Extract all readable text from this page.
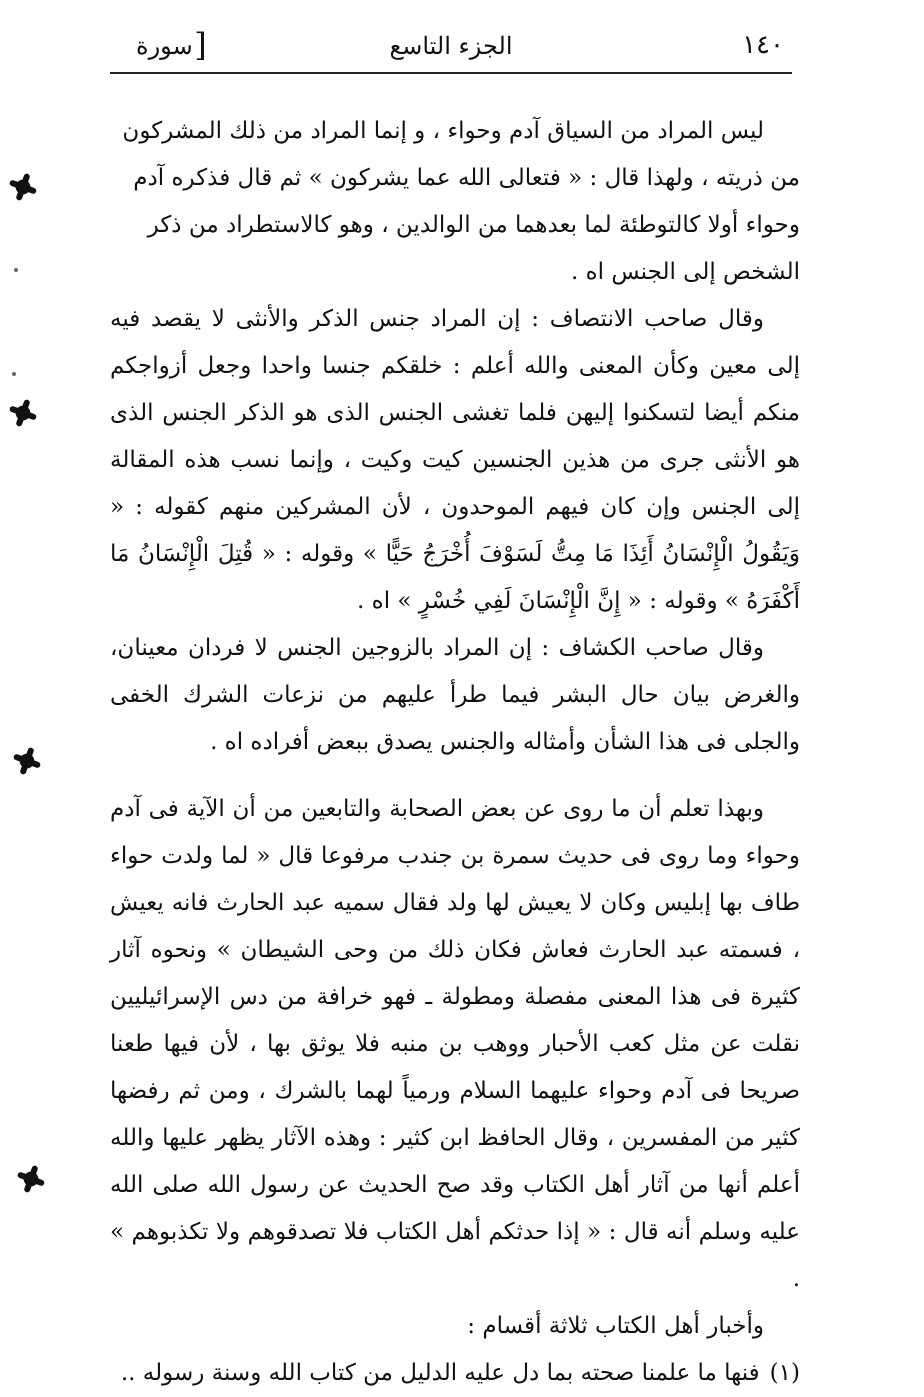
١٤٠
الجزء التاسع
سورة [

ليس المراد من السياق آدم وحواء ، و إنما المراد من ذلك المشركون من ذريته ، ولهذا قال : « فتعالى الله عما يشركون » ثم قال فذكره آدم وحواء أولا كالتوطئة لما بعدهما من الوالدين ، وهو كالاستطراد من ذكر الشخص إلى الجنس اه .

وقال صاحب الانتصاف : إن المراد جنس الذكر والأنثى لا يقصد فيه إلى معين وكأن المعنى والله أعلم : خلقكم جنسا واحدا وجعل أزواجكم منكم أيضا لتسكنوا إليهن فلما تغشى الجنس الذى هو الذكر الجنس الذى هو الأنثى جرى من هذين الجنسين كيت وكيت ، وإنما نسب هذه المقالة إلى الجنس وإن كان فيهم الموحدون ، لأن المشركين منهم كقوله : « وَيَقُولُ الْإِنْسَانُ أَئِذَا مَا مِتُّ لَسَوْفَ أُخْرَجُ حَيًّا » وقوله : « قُتِلَ الْإِنْسَانُ مَا أَكْفَرَهُ » وقوله : « إِنَّ الْإِنْسَانَ لَفِي خُسْرٍ » اه .

وقال صاحب الكشاف : إن المراد بالزوجين الجنس لا فردان معينان، والغرض بيان حال البشر فيما طرأ عليهم من نزعات الشرك الخفى والجلى فى هذا الشأن وأمثاله والجنس يصدق ببعض أفراده اه .

وبهذا تعلم أن ما روى عن بعض الصحابة والتابعين من أن الآية فى آدم وحواء وما روى فى حديث سمرة بن جندب مرفوعا قال « لما ولدت حواء طاف بها إبليس وكان لا يعيش لها ولد فقال سميه عبد الحارث فانه يعيش ، فسمته عبد الحارث فعاش فكان ذلك من وحى الشيطان » ونحوه آثار كثيرة فى هذا المعنى مفصلة ومطولة ـ فهو خرافة من دس الإسرائيليين نقلت عن مثل كعب الأحبار ووهب بن منبه فلا يوثق بها ، لأن فيها طعنا صريحا فى آدم وحواء عليهما السلام ورمياً لهما بالشرك ، ومن ثم رفضها كثير من المفسرين ، وقال الحافظ ابن كثير : وهذه الآثار يظهر عليها والله أعلم أنها من آثار أهل الكتاب وقد صح الحديث عن رسول الله صلى الله عليه وسلم أنه قال : « إذا حدثكم أهل الكتاب فلا تصدقوهم ولا تكذبوهم » .

وأخبار أهل الكتاب ثلاثة أقسام :

(١)فنها ما علمنا صحته بما دل عليه الدليل من كتاب الله وسنة رسوله ..
